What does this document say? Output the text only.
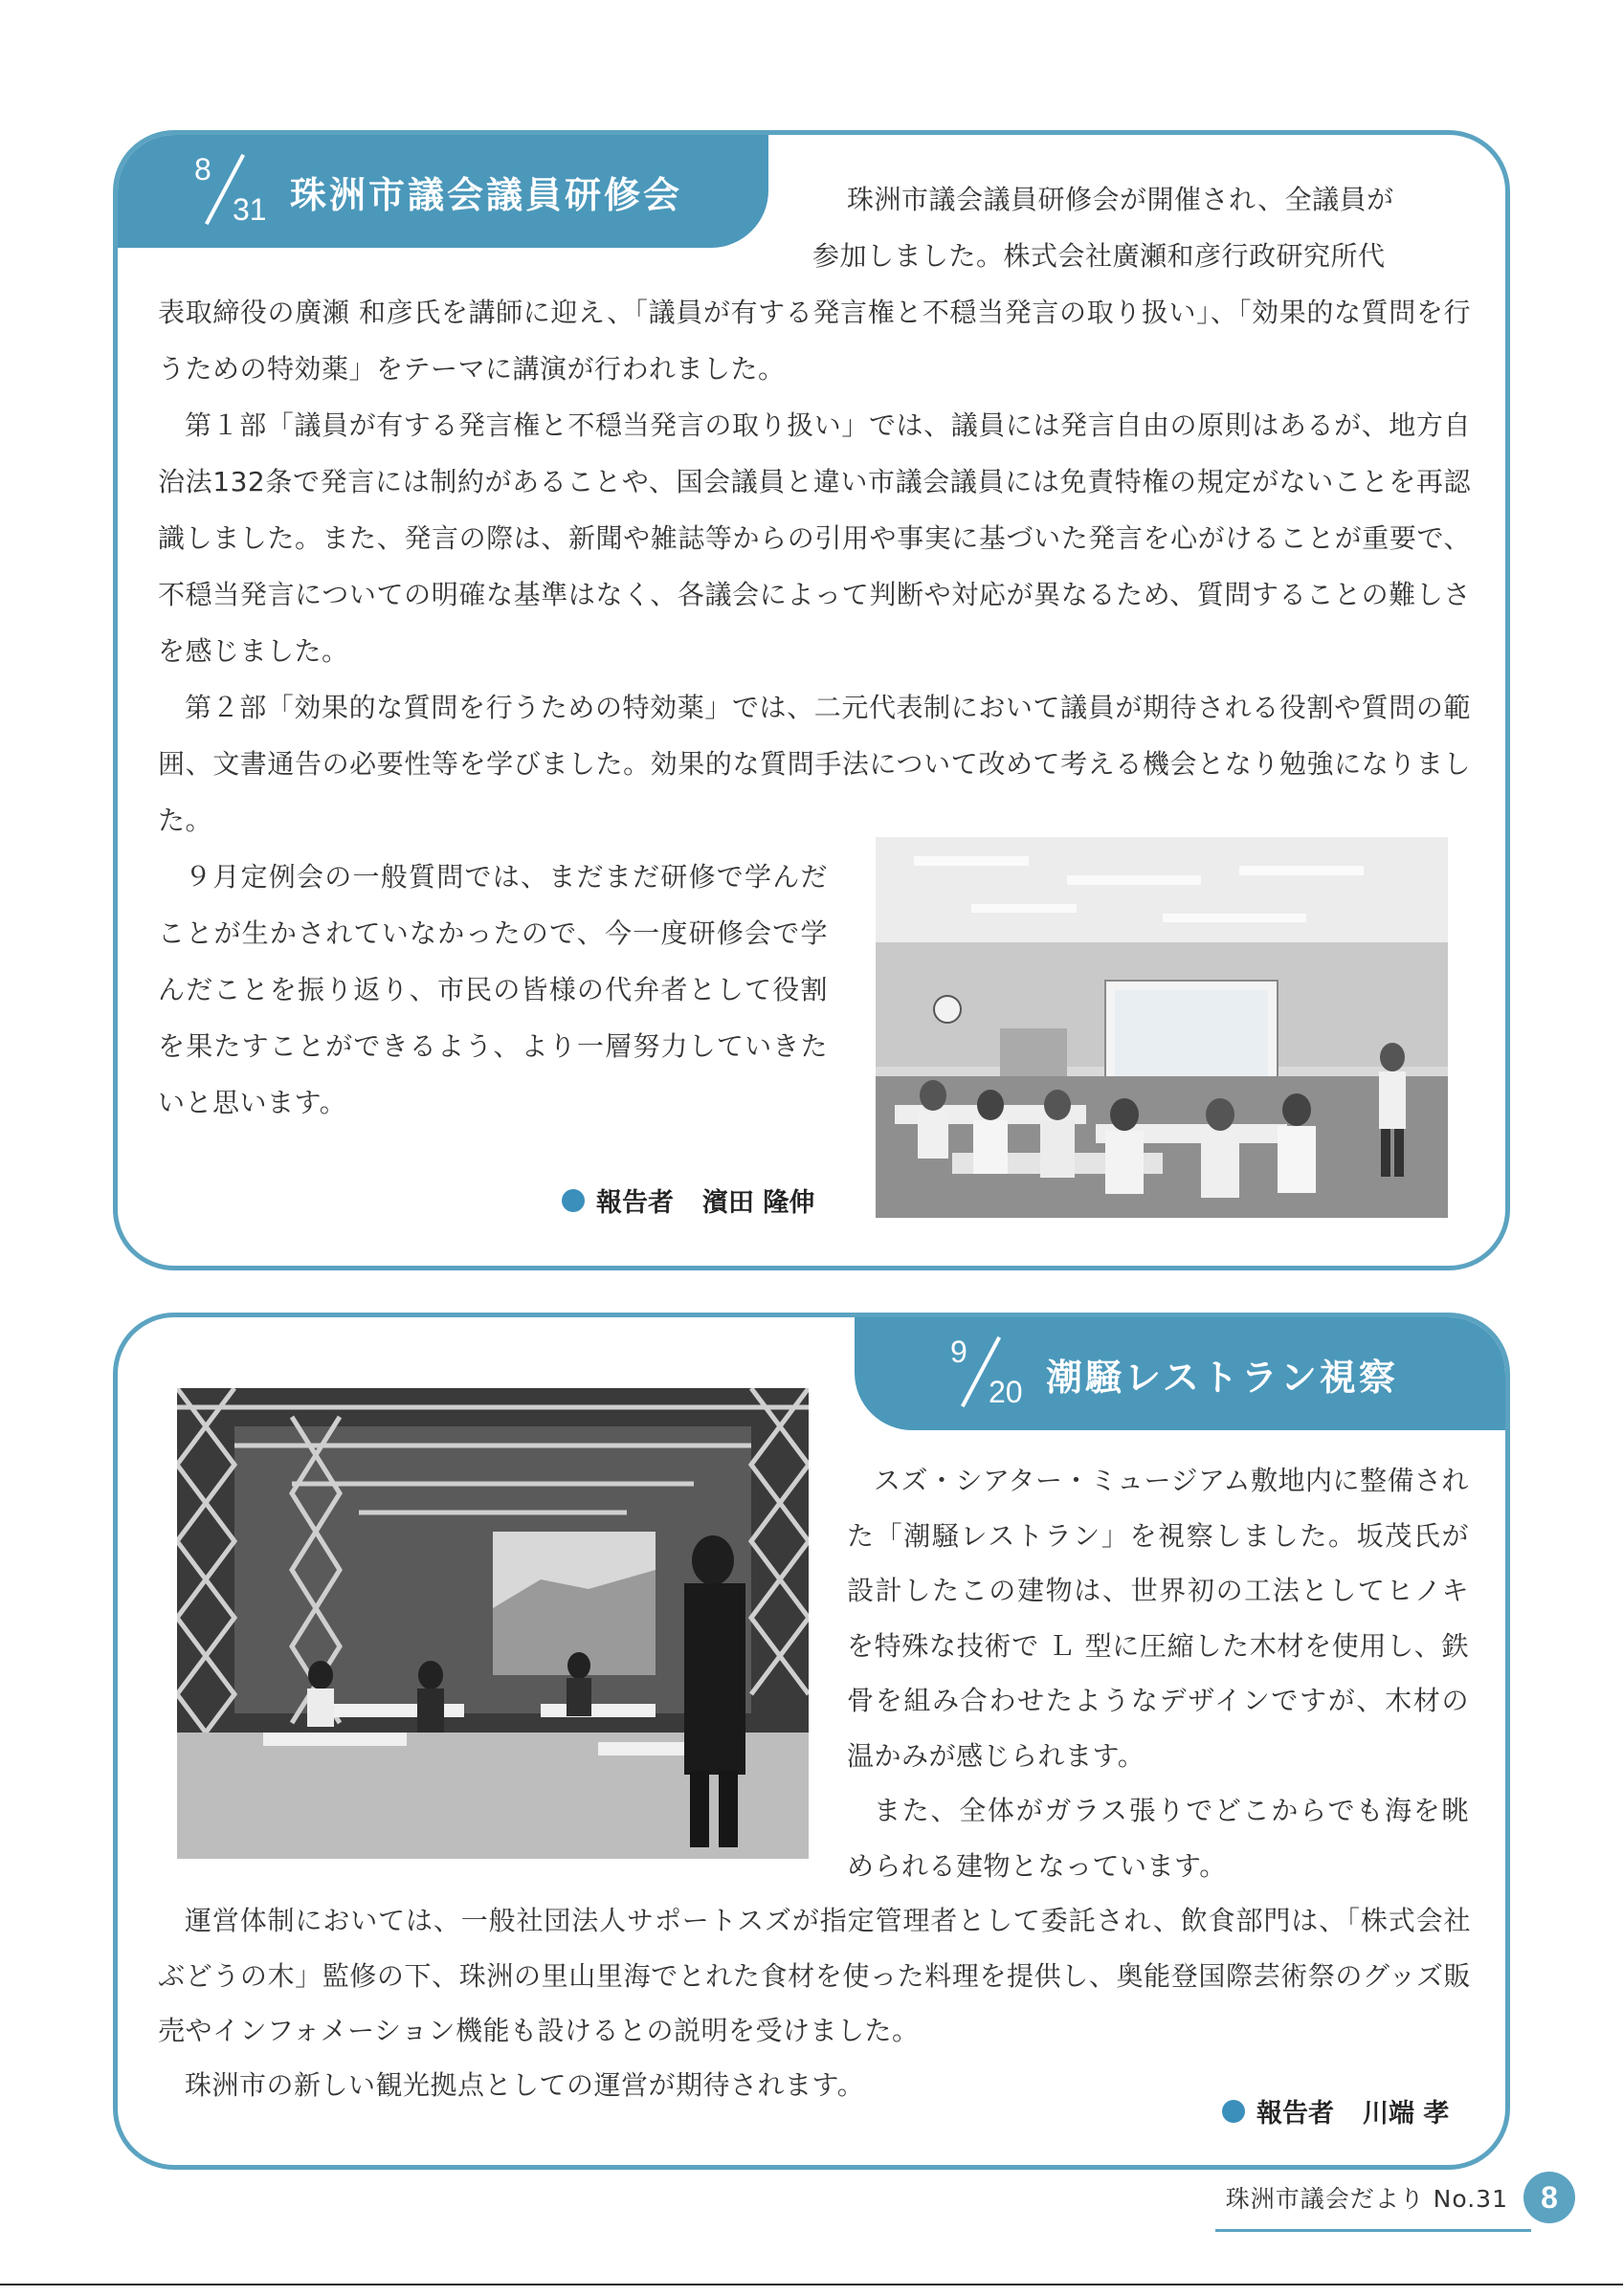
8
31 珠洲市議会議員研修会	珠洲市議会議員研修会が開催され、全議員が
参加しました。株式会社廣瀬和彦行政研究所代

表取締役の廣瀬 和彦氏を講師に迎え、「議員が有する発言権と不穏当発言の取り扱い」、「効果的な質問を行うための特効薬」をテーマに講演が行われました。

第１部「議員が有する発言権と不穏当発言の取り扱い」では、議員には発言自由の原則はあるが、地方自治法132条で発言には制約があることや、国会議員と違い市議会議員には免責特権の規定がないことを再認識しました。また、発言の際は、新聞や雑誌等からの引用や事実に基づいた発言を心がけることが重要で、不穏当発言についての明確な基準はなく、各議会によって判断や対応が異なるため、質問することの難しさを感じました。

第２部「効果的な質問を行うための特効薬」では、二元代表制において議員が期待される役割や質問の範囲、文書通告の必要性等を学びました。効果的な質問手法について改めて考える機会となり勉強になりました。

９月定例会の一般質問では、まだまだ研修で学んだことが生かされていなかったので、今一度研修会で学んだことを振り返り、市民の皆様の代弁者として役割を果たすことができるよう、より一層努力していきたいと思います。

報告者 濱田 隆伸
9
20 潮騒レストラン視察

スズ・シアター・ミュージアム敷地内に整備された「潮騒レストラン」を視察しました。坂茂氏が設計したこの建物は、世界初の工法としてヒノキを特殊な技術で Ｌ 型に圧縮した木材を使用し、鉄骨を組み合わせたようなデザインですが、木材の温かみが感じられます。

また、全体がガラス張りでどこからでも海を眺められる建物となっています。

運営体制においては、一般社団法人サポートスズが指定管理者として委託され、飲食部門は、「株式会社ぶどうの木」監修の下、珠洲の里山里海でとれた食材を使った料理を提供し、奥能登国際芸術祭のグッズ販売やインフォメーション機能も設けるとの説明を受けました。

珠洲市の新しい観光拠点としての運営が期待されます。

報告者 川端 孝
珠洲市議会だより No.31	8
